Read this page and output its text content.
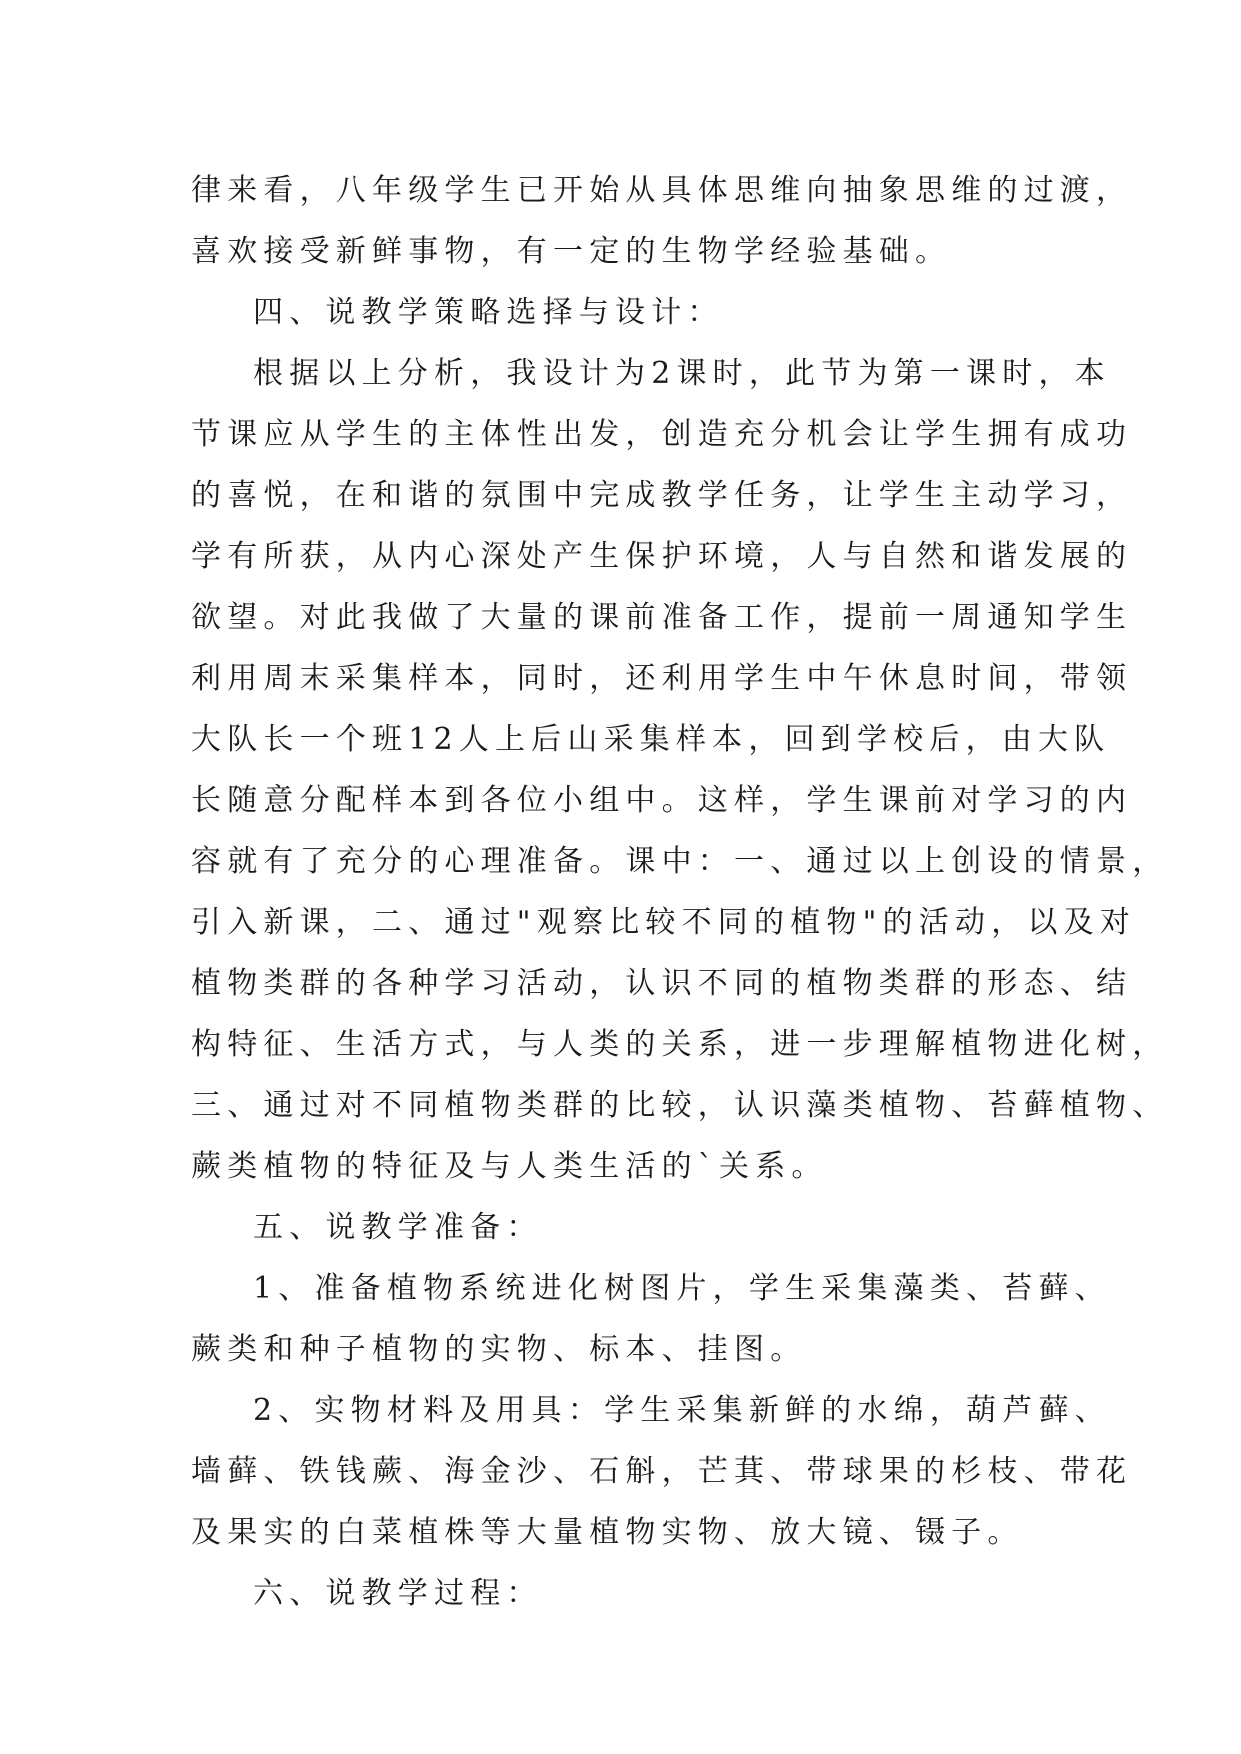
律来看，八年级学生已开始从具体思维向抽象思维的过渡，
喜欢接受新鲜事物，有一定的生物学经验基础。
四、说教学策略选择与设计：
根据以上分析，我设计为2课时，此节为第一课时，本
节课应从学生的主体性出发，创造充分机会让学生拥有成功
的喜悦，在和谐的氛围中完成教学任务，让学生主动学习，
学有所获，从内心深处产生保护环境，人与自然和谐发展的
欲望。对此我做了大量的课前准备工作，提前一周通知学生
利用周末采集样本，同时，还利用学生中午休息时间，带领
大队长一个班12人上后山采集样本，回到学校后，由大队
长随意分配样本到各位小组中。这样，学生课前对学习的内
容就有了充分的心理准备。课中：一、通过以上创设的情景，
引入新课，二、通过"观察比较不同的植物"的活动，以及对
植物类群的各种学习活动，认识不同的植物类群的形态、结
构特征、生活方式，与人类的关系，进一步理解植物进化树，
三、通过对不同植物类群的比较，认识藻类植物、苔藓植物、
蕨类植物的特征及与人类生活的`关系。
五、说教学准备：
1、准备植物系统进化树图片，学生采集藻类、苔藓、
蕨类和种子植物的实物、标本、挂图。
2、实物材料及用具：学生采集新鲜的水绵，葫芦藓、
墙藓、铁钱蕨、海金沙、石斛，芒萁、带球果的杉枝、带花
及果实的白菜植株等大量植物实物、放大镜、镊子。
六、说教学过程：
